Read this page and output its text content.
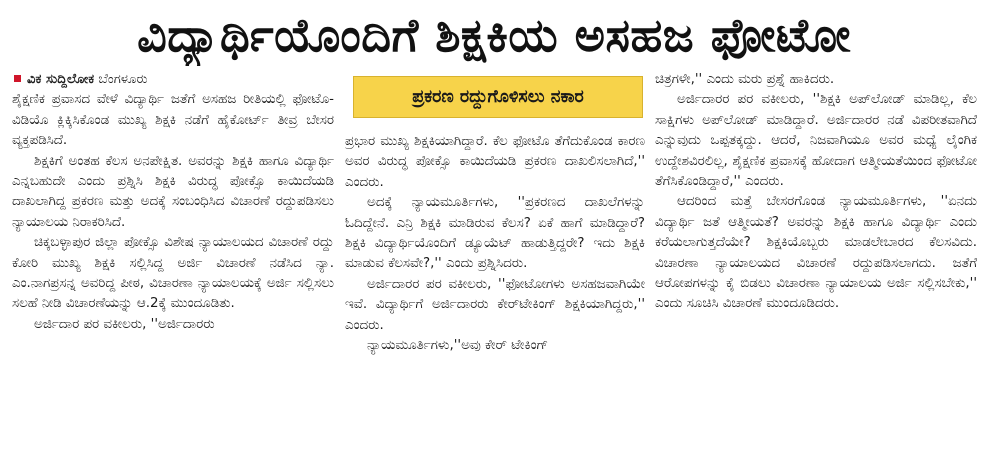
ವಿದ್ಯಾರ್ಥಿಯೊಂದಿಗೆ ಶಿಕ್ಷಕಿಯ ಅಸಹಜ ಫೋಟೋ
ವಿಕ ಸುದ್ದಿಲೋಕ ಬೆಂಗಳೂರು

ಶೈಕ್ಷಣಿಕ ಪ್ರವಾಸದ ವೇಳೆ ವಿದ್ಯಾರ್ಥಿ ಜತೆಗೆ ಅಸಹಜ ರೀತಿಯಲ್ಲಿ ಫೋಟೊ-ವಿಡಿಯೊ ಕ್ಲಿಕ್ಕಿಸಿಕೊಂಡ ಮುಖ್ಯ ಶಿಕ್ಷಕಿ ನಡೆಗೆ ಹೈಕೋರ್ಟ್ ತೀವ್ರ ಬೇಸರ ವ್ಯಕ್ತಪಡಿಸಿದೆ.

ಶಿಕ್ಷಕಿಗೆ ಅಂತಹ ಕೆಲಸ ಅನಪೇಕ್ಷಿತ. ಅವರನ್ನು ಶಿಕ್ಷಕಿ ಹಾಗೂ ವಿದ್ಯಾರ್ಥಿ ಎನ್ನಬಹುದೇ ಎಂದು ಪ್ರಶ್ನಿಸಿ ಶಿಕ್ಷಕಿ ವಿರುದ್ಧ ಪೋಕ್ಸೊ ಕಾಯಿದೆಯಡಿ ದಾಖಲಾಗಿದ್ದ ಪ್ರಕರಣ ಮತ್ತು ಅದಕ್ಕೆ ಸಂಬಂಧಿಸಿದ ವಿಚಾರಣೆ ರದ್ದುಪಡಿಸಲು ನ್ಯಾಯಾಲಯ ನಿರಾಕರಿಸಿದೆ.

ಚಿಕ್ಕಬಳ್ಳಾಪುರ ಜಿಲ್ಲಾ ಪೋಕ್ಸೊ ವಿಶೇಷ ನ್ಯಾಯಾಲಯದ ವಿಚಾರಣೆ ರದ್ದು ಕೋರಿ ಮುಖ್ಯ ಶಿಕ್ಷಕಿ ಸಲ್ಲಿಸಿದ್ದ ಅರ್ಜಿ ವಿಚಾರಣೆ ನಡೆಸಿದ ನ್ಯಾ. ಎಂ.ನಾಗಪ್ರಸನ್ನ ಅವರಿದ್ದ ಪೀಠ, ವಿಚಾರಣಾ ನ್ಯಾಯಾಲಯಕ್ಕೆ ಅರ್ಜಿ ಸಲ್ಲಿಸಲು ಸಲಹೆ ನೀಡಿ ವಿಚಾರಣೆಯನ್ನು ಆ.2ಕ್ಕೆ ಮುಂದೂಡಿತು.

ಅರ್ಜಿದಾರ ಪರ ವಕೀಲರು, ''ಅರ್ಜಿದಾರರು

ಪ್ರಕರಣ ರದ್ದುಗೊಳಿಸಲು ನಕಾರ

ಪ್ರಭಾರ ಮುಖ್ಯ ಶಿಕ್ಷಕಿಯಾಗಿದ್ದಾರೆ. ಕೆಲ ಫೋಟೊ ತೆಗೆದುಕೊಂಡ ಕಾರಣ ಅವರ ವಿರುದ್ಧ ಪೋಕ್ಸೊ ಕಾಯಿದೆಯಡಿ ಪ್ರಕರಣ ದಾಖಲಿಸಲಾಗಿದೆ,'' ಎಂದರು.

ಅದಕ್ಕೆ ನ್ಯಾಯಮೂರ್ತಿಗಳು, ''ಪ್ರಕರಣದ ದಾಖಲೆಗಳನ್ನು ಓದಿದ್ದೇನೆ. ಎನ್ರಿ ಶಿಕ್ಷಕಿ ಮಾಡಿರುವ ಕೆಲಸ? ಏಕೆ ಹಾಗೆ ಮಾಡಿದ್ದಾರೆ? ಶಿಕ್ಷಕಿ ವಿದ್ಯಾರ್ಥಿಯೊಂದಿಗೆ ಡ್ಯೂಯೆಟ್ ಹಾಡುತ್ತಿದ್ದರೇ? ಇದು ಶಿಕ್ಷಕಿ ಮಾಡುವ ಕೆಲಸವೇ?,'' ಎಂದು ಪ್ರಶ್ನಿಸಿದರು.

ಅರ್ಜಿದಾರರ ಪರ ವಕೀಲರು, ''ಫೋಟೋಗಳು ಅಸಹಜವಾಗಿಯೇ ಇವೆ. ವಿದ್ಯಾರ್ಥಿಗೆ ಅರ್ಜಿದಾರರು ಕೇರ್‌ಟೇಕಿಂಗ್ ಶಿಕ್ಷಕಿಯಾಗಿದ್ದರು,'' ಎಂದರು.

ನ್ಯಾಯಮೂರ್ತಿಗಳು,''ಅವು ಕೇರ್ ಟೇಕಿಂಗ್

ಚಿತ್ರಗಳೇ,'' ಎಂದು ಮರು ಪ್ರಶ್ನೆ ಹಾಕಿದರು.

ಅರ್ಜಿದಾರರ ಪರ ವಕೀಲರು, ''ಶಿಕ್ಷಕಿ ಅಪ್‌ಲೋಡ್ ಮಾಡಿಲ್ಲ, ಕೆಲ ಸಾಕ್ಷಿಗಳು ಅಪ್‌ಲೋಡ್ ಮಾಡಿದ್ದಾರೆ. ಅರ್ಜಿದಾರರ ನಡೆ ವಿಪರೀತವಾಗಿದೆ ಎನ್ನುವುದು ಒಪ್ಪತಕ್ಕದ್ದು. ಆದರೆ, ನಿಜವಾಗಿಯೂ ಅವರ ಮಧ್ಯೆ ಲೈಂಗಿಕ ಉದ್ದೇಶವಿರಲಿಲ್ಲ, ಶೈಕ್ಷಣಿಕ ಪ್ರವಾಸಕ್ಕೆ ಹೋದಾಗ ಆತ್ಮೀಯತೆಯಿಂದ ಫೋಟೋ ತೆಗೆಸಿಕೊಂಡಿದ್ದಾರೆ,'' ಎಂದರು.

ಆದರಿಂದ ಮತ್ತೆ ಬೇಸರಗೊಂಡ ನ್ಯಾಯಮೂರ್ತಿಗಳು, ''ಏನದು ವಿದ್ಯಾರ್ಥಿ ಜತೆ ಆತ್ಮೀಯತೆ? ಅವರನ್ನು ಶಿಕ್ಷಕಿ ಹಾಗೂ ವಿದ್ಯಾರ್ಥಿ ಎಂದು ಕರೆಯಲಾಗುತ್ತದೆಯೇ? ಶಿಕ್ಷಕಿಯೊಬ್ಬರು ಮಾಡಲೇಬಾರದ ಕೆಲಸವಿದು. ವಿಚಾರಣಾ ನ್ಯಾಯಾಲಯದ ವಿಚಾರಣೆ ರದ್ದುಪಡಿಸಲಾಗದು. ಜತೆಗೆ ಆರೋಪಗಳನ್ನು ಕೈ ಬಿಡಲು ವಿಚಾರಣಾ ನ್ಯಾಯಾಲಯ ಅರ್ಜಿ ಸಲ್ಲಿಸಬೇಕು,'' ಎಂದು ಸೂಚಿಸಿ ವಿಚಾರಣೆ ಮುಂದೂಡಿದರು.
